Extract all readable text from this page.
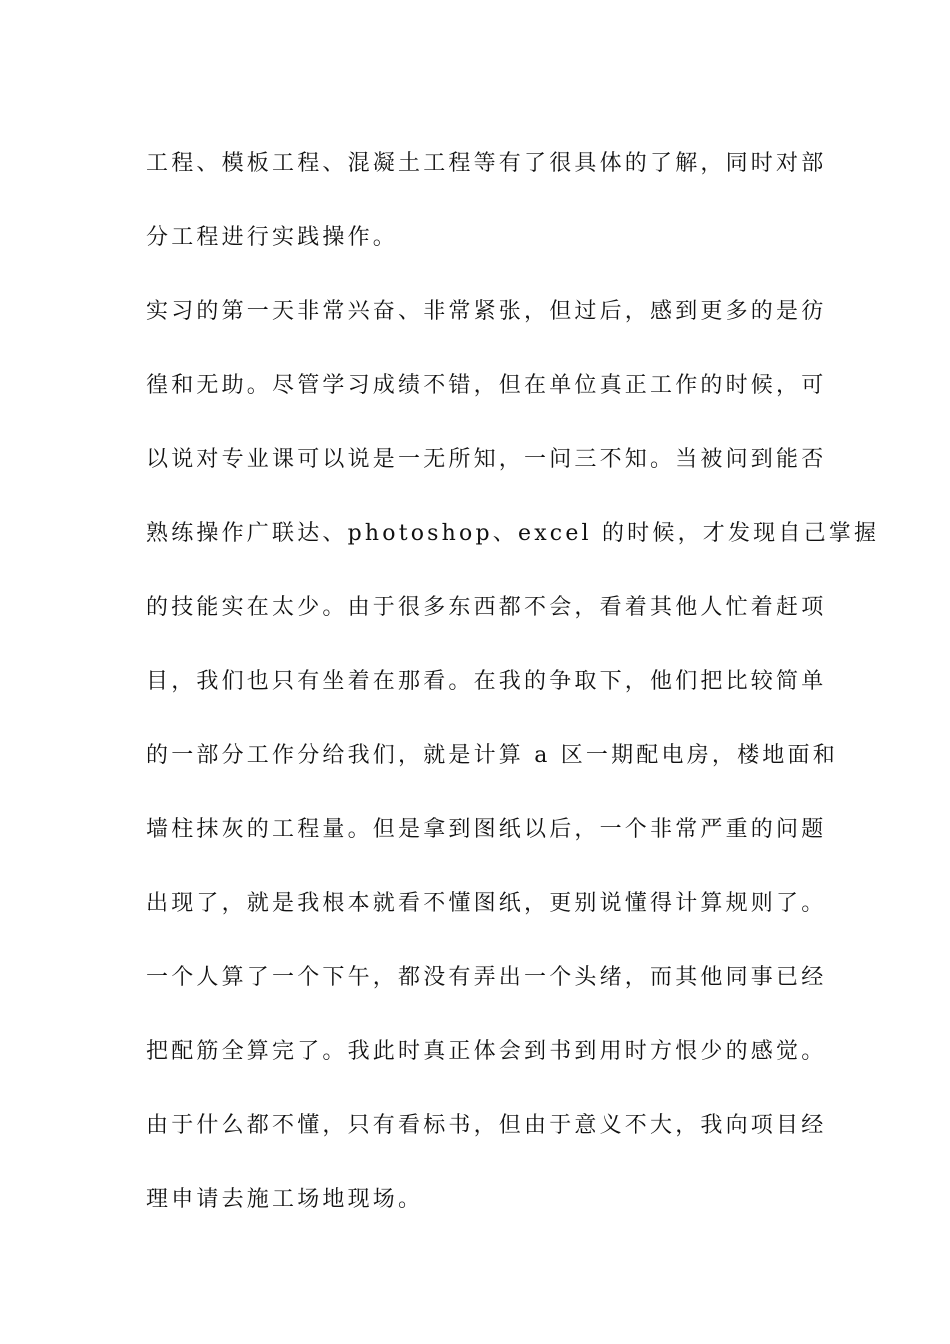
工程、模板工程、混凝土工程等有了很具体的了解，同时对部
分工程进行实践操作。
实习的第一天非常兴奋、非常紧张，但过后，感到更多的是彷
徨和无助。尽管学习成绩不错，但在单位真正工作的时候，可
以说对专业课可以说是一无所知，一问三不知。当被问到能否
熟练操作广联达、photoshop、excel 的时候，才发现自己掌握
的技能实在太少。由于很多东西都不会，看着其他人忙着赶项
目，我们也只有坐着在那看。在我的争取下，他们把比较简单
的一部分工作分给我们，就是计算 a 区一期配电房，楼地面和
墙柱抹灰的工程量。但是拿到图纸以后，一个非常严重的问题
出现了，就是我根本就看不懂图纸，更别说懂得计算规则了。
一个人算了一个下午，都没有弄出一个头绪，而其他同事已经
把配筋全算完了。我此时真正体会到书到用时方恨少的感觉。
由于什么都不懂，只有看标书，但由于意义不大，我向项目经
理申请去施工场地现场。
